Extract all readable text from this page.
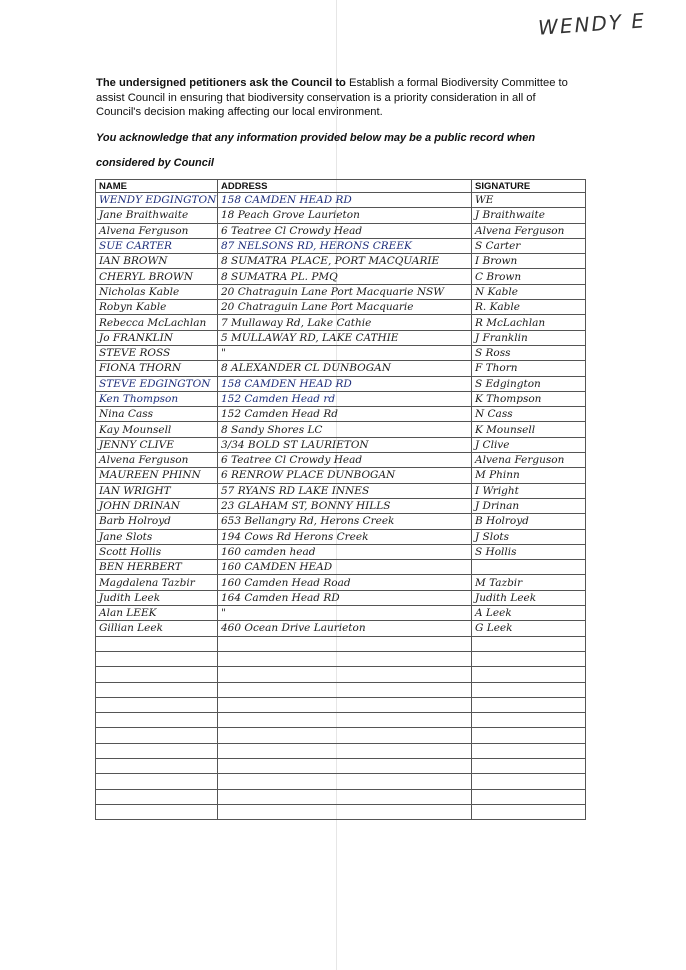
WENDY E
The undersigned petitioners ask the Council to Establish a formal Biodiversity Committee to assist Council in ensuring that biodiversity conservation is a priority consideration in all of Council's decision making affecting our local environment.
You acknowledge that any information provided below may be a public record when
considered by Council
NAME	ADDRESS	SIGNATURE
WENDY EDGINGTON	158 CAMDEN HEAD RD	WE
Jane Braithwaite	18 Peach Grove Laurieton	J Braithwaite
Alvena Ferguson	6 Teatree Cl Crowdy Head	Alvena Ferguson
SUE CARTER	87 NELSONS RD, HERONS CREEK	S Carter
IAN BROWN	8 SUMATRA PLACE, PORT MACQUARIE	I Brown
CHERYL BROWN	8 SUMATRA PL. PMQ	C Brown
Nicholas Kable	20 Chatraguin Lane Port Macquarie NSW	N Kable
Robyn Kable	20 Chatraguin Lane Port Macquarie	R. Kable
Rebecca McLachlan	7 Mullaway Rd, Lake Cathie	R McLachlan
Jo FRANKLIN	5 MULLAWAY RD, LAKE CATHIE	J Franklin
STEVE ROSS	"	S Ross
FIONA THORN	8 ALEXANDER CL DUNBOGAN	F Thorn
STEVE EDGINGTON	158 CAMDEN HEAD RD	S Edgington
Ken Thompson	152 Camden Head rd	K Thompson
Nina Cass	152 Camden Head Rd	N Cass
Kay Mounsell	8 Sandy Shores LC	K Mounsell
JENNY CLIVE	3/34 BOLD ST LAURIETON	J Clive
Alvena Ferguson	6 Teatree Cl Crowdy Head	Alvena Ferguson
MAUREEN PHINN	6 RENROW PLACE DUNBOGAN	M Phinn
IAN WRIGHT	57 RYANS RD LAKE INNES	I Wright
JOHN DRINAN	23 GLAHAM ST, BONNY HILLS	J Drinan
Barb Holroyd	653 Bellangry Rd, Herons Creek	B Holroyd
Jane Slots	194 Cows Rd Herons Creek	J Slots
Scott Hollis	160 camden head	S Hollis
BEN HERBERT	160 CAMDEN HEAD	
Magdalena Tazbir	160 Camden Head Road	M Tazbir
Judith Leek	164 Camden Head RD	Judith Leek
Alan LEEK	"	A Leek
Gillian Leek	460 Ocean Drive Laurieton	G Leek
